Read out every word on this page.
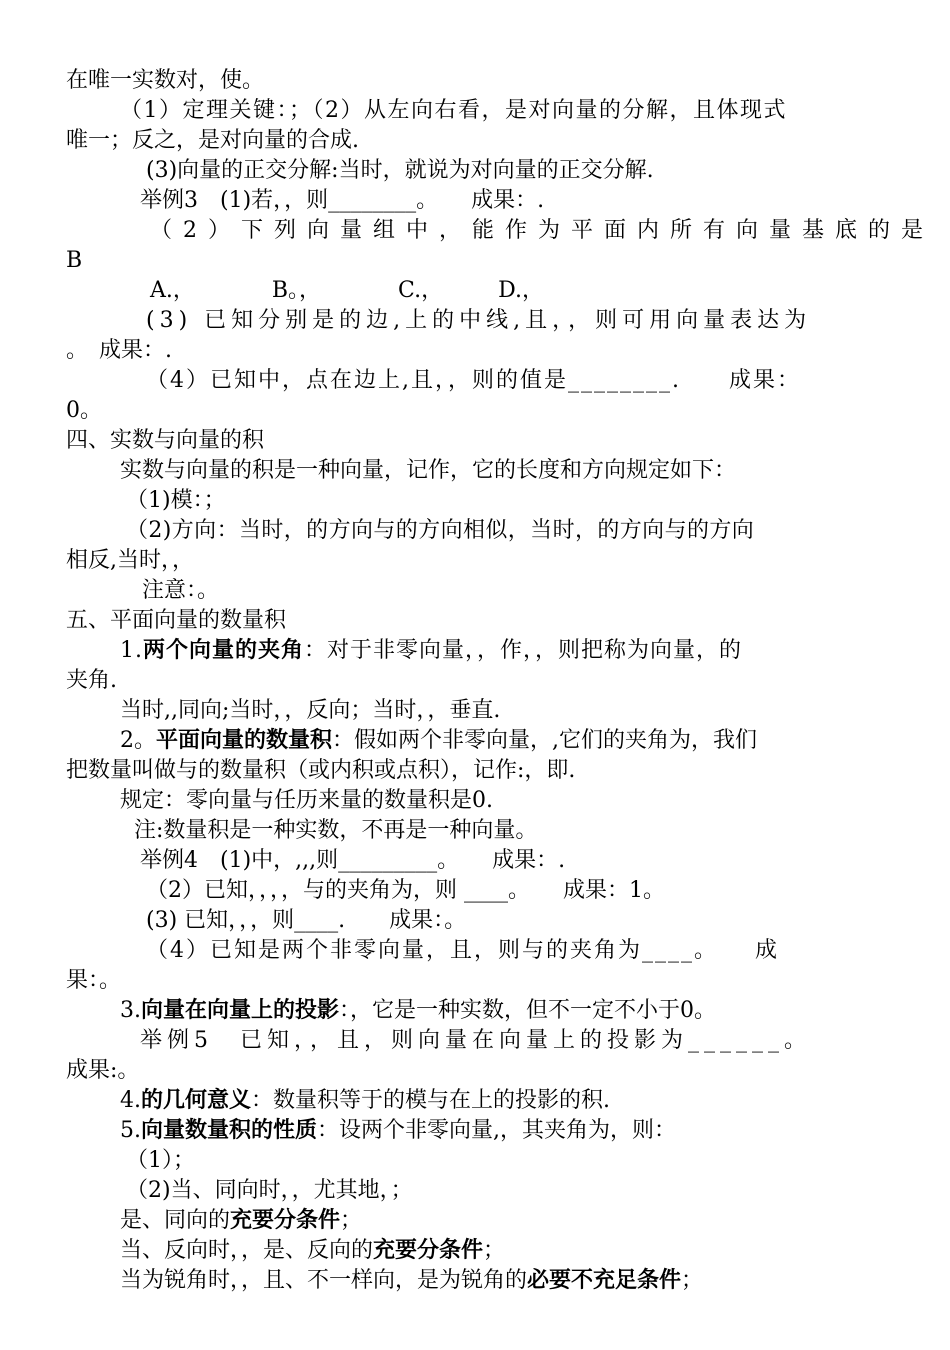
在唯一实数对，使。
（1）定理关键：；（2）从左向右看，是对向量的分解，且体现式
唯一；反之，是对向量的合成.
(3)向量的正交分解:当时，就说为对向量的正交分解.
举例3　(1)若，，则________。　　成果：.
（2）下列向量组中，能作为平面内所有向量基底的是
B
A.，　　　　B。，　　　　C.，　　　D.，
(3) 已知分别是的边,上的中线,且，，则可用向量表达为
。　成果：.
（4）已知中，点在边上,且，，则的值是________.　　成果：
0。
四、实数与向量的积
实数与向量的积是一种向量，记作，它的长度和方向规定如下：
（1)模：；
（2)方向：当时，的方向与的方向相似，当时，的方向与的方向
相反,当时，，
注意：。
五、平面向量的数量积
1.两个向量的夹角：对于非零向量，，作，，则把称为向量，的
夹角.
当时,,同向;当时，，反向；当时，，垂直.
2。平面向量的数量积：假如两个非零向量，,它们的夹角为，我们
把数量叫做与的数量积（或内积或点积），记作:，即.
规定：零向量与任历来量的数量积是0.
注:数量积是一种实数，不再是一种向量。
举例4　(1)中，,,,则_________。　　成果：.
（2）已知，，，，与的夹角为，则 ____。　　成果：1。
(3) 已知，，，则____.　　成果：。
（4）已知是两个非零向量，且，则与的夹角为____。　　成
果：。
3.向量在向量上的投影：，它是一种实数，但不一定不小于0。
举例5　已知，，且，则向量在向量上的投影为______。
成果:。
4.的几何意义：数量积等于的模与在上的投影的积.
5.向量数量积的性质：设两个非零向量,，其夹角为，则：
（1）；
（2)当、同向时，，尤其地，；
是、同向的充要分条件；
当、反向时，，是、反向的充要分条件；
当为锐角时，，且、不一样向，是为锐角的必要不充足条件；
